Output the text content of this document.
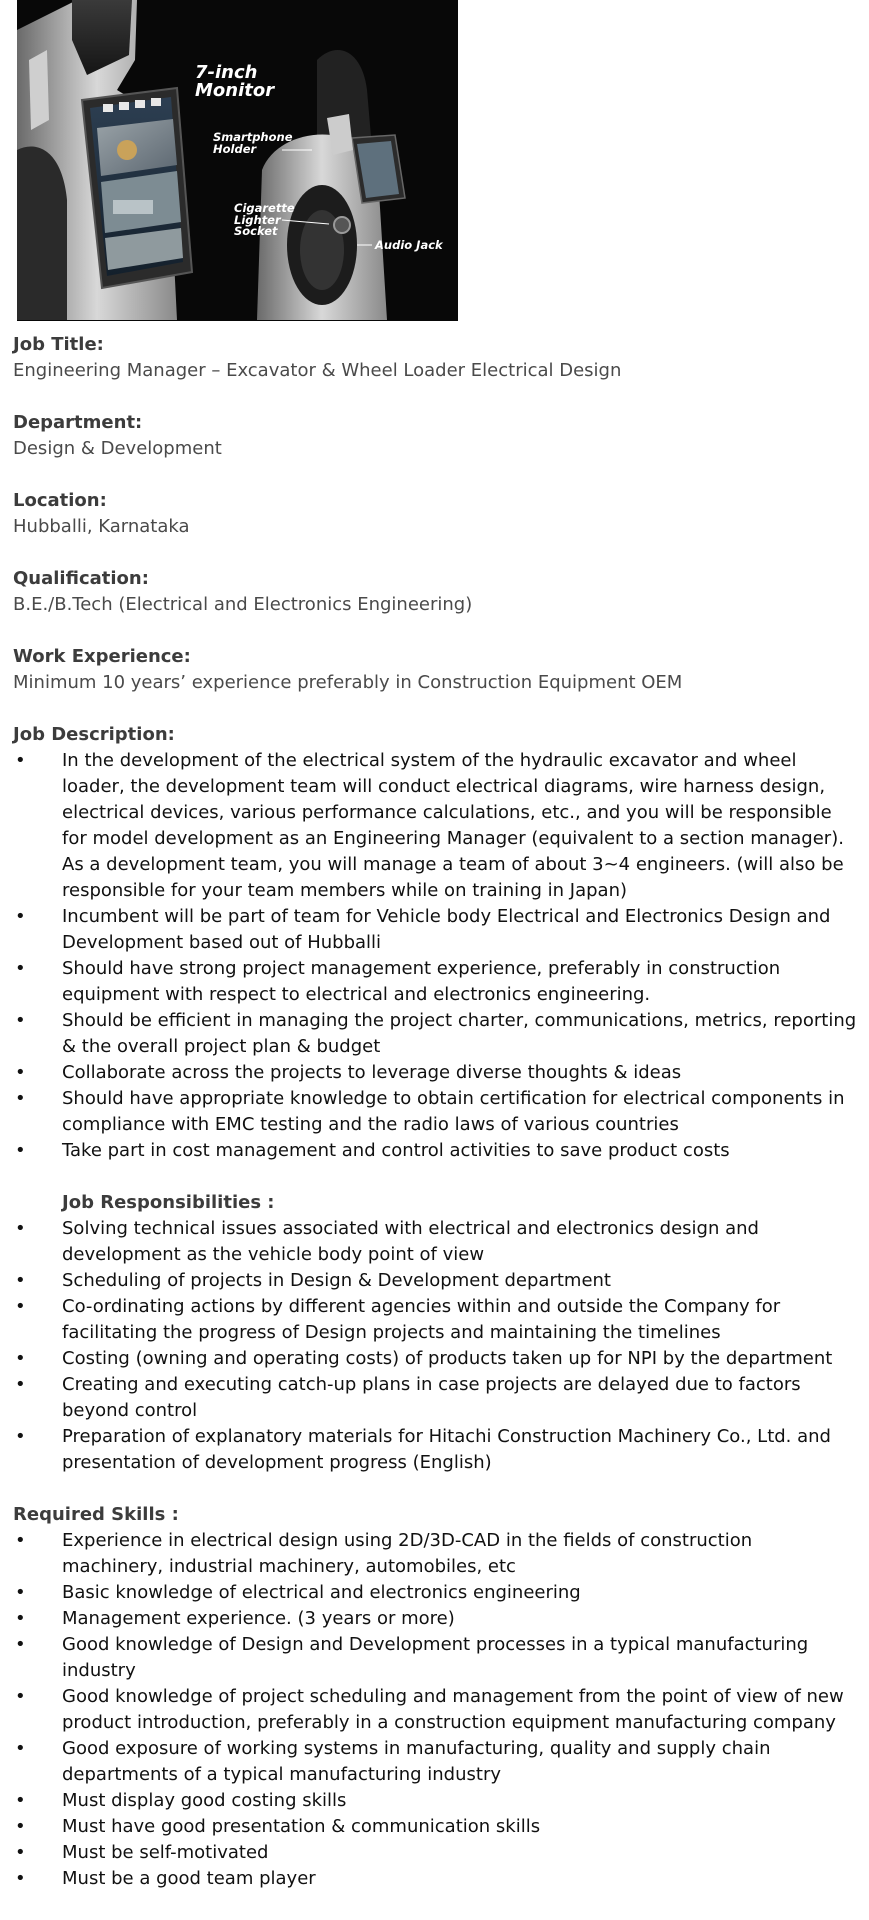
7-inch
Monitor
Smartphone
Holder
Cigarette
Lighter
Socket
Audio Jack
Job Title:
Engineering Manager – Excavator & Wheel Loader Electrical Design
Department:
Design & Development
Location:
Hubballi, Karnataka
Qualification:
B.E./B.Tech (Electrical and Electronics Engineering)
Work Experience:
Minimum 10 years’ experience preferably in Construction Equipment OEM
Job Description:
• In the development of the electrical system of the hydraulic excavator and wheel loader, the development team will conduct electrical diagrams, wire harness design, electrical devices, various performance calculations, etc., and you will be responsible for model development as an Engineering Manager (equivalent to a section manager). As a development team, you will manage a team of about 3~4 engineers. (will also be responsible for your team members while on training in Japan)
• Incumbent will be part of team for Vehicle body Electrical and Electronics Design and Development based out of Hubballi
• Should have strong project management experience, preferably in construction equipment with respect to electrical and electronics engineering.
• Should be efficient in managing the project charter, communications, metrics, reporting & the overall project plan & budget
• Collaborate across the projects to leverage diverse thoughts & ideas
• Should have appropriate knowledge to obtain certification for electrical components in compliance with EMC testing and the radio laws of various countries
• Take part in cost management and control activities to save product costs
Job Responsibilities :
• Solving technical issues associated with electrical and electronics design and development as the vehicle body point of view
• Scheduling of projects in Design & Development department
• Co-ordinating actions by different agencies within and outside the Company for facilitating the progress of Design projects and maintaining the timelines
• Costing (owning and operating costs) of products taken up for NPI by the department
• Creating and executing catch-up plans in case projects are delayed due to factors beyond control
• Preparation of explanatory materials for Hitachi Construction Machinery Co., Ltd. and presentation of development progress (English)
Required Skills :
• Experience in electrical design using 2D/3D-CAD in the fields of construction machinery, industrial machinery, automobiles, etc
• Basic knowledge of electrical and electronics engineering
• Management experience. (3 years or more)
• Good knowledge of Design and Development processes in a typical manufacturing industry
• Good knowledge of project scheduling and management from the point of view of new product introduction, preferably in a construction equipment manufacturing company
• Good exposure of working systems in manufacturing, quality and supply chain departments of a typical manufacturing industry
• Must display good costing skills
• Must have good presentation & communication skills
• Must be self-motivated
• Must be a good team player
